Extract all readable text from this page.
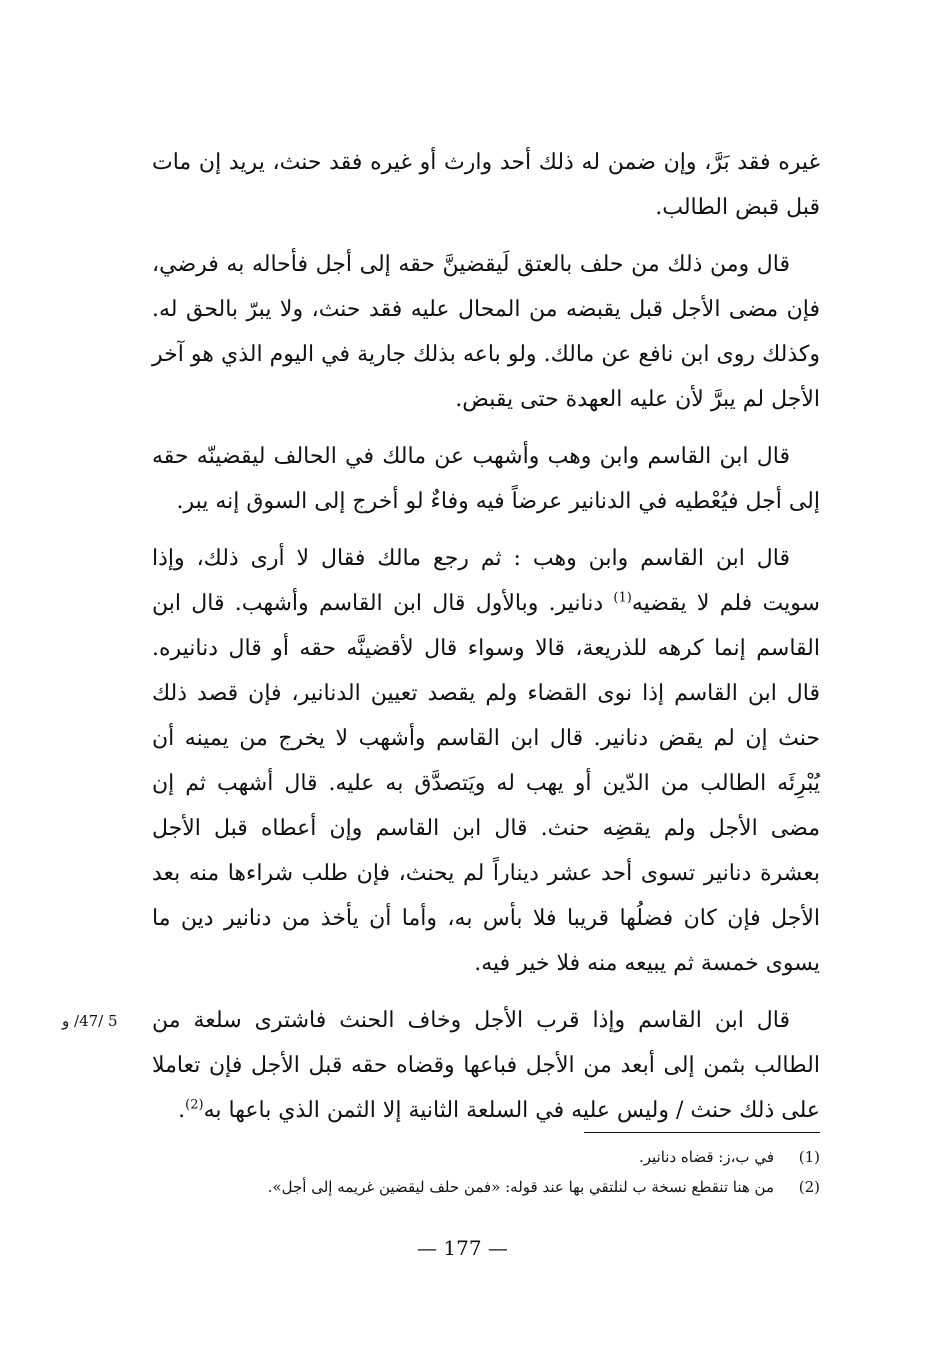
غيره فقد بَرَّ، وإن ضمن له ذلك أحد وارث أو غيره فقد حنث، يريد إن مات قبل قبض الطالب.

قال ومن ذلك من حلف بالعتق لَيقضينَّ حقه إلى أجل فأحاله به فرضي، فإن مضى الأجل قبل يقبضه من المحال عليه فقد حنث، ولا يبرّ بالحق له. وكذلك روى ابن نافع عن مالك. ولو باعه بذلك جارية في اليوم الذي هو آخر الأجل لم يبرَّ لأن عليه العهدة حتى يقبض.

قال ابن القاسم وابن وهب وأشهب عن مالك في الحالف ليقضينّه حقه إلى أجل فيُعْطيه في الدنانير عرضاً فيه وفاءٌ لو أخرج إلى السوق إنه يبر.

قال ابن القاسم وابن وهب : ثم رجع مالك فقال لا أرى ذلك، وإذا سويت فلم لا يقضيه$^{(1)}$ دنانير. وبالأول قال ابن القاسم وأشهب. قال ابن القاسم إنما كرهه للذريعة، قالا وسواء قال لأقضينَّه حقه أو قال دنانيره. قال ابن القاسم إذا نوى القضاء ولم يقصد تعيين الدنانير، فإن قصد ذلك حنث إن لم يقض دنانير. قال ابن القاسم وأشهب لا يخرج من يمينه أن يُبْرِئَه الطالب من الدّين أو يهب له ويَتصدَّق به عليه. قال أشهب ثم إن مضى الأجل ولم يقضِه حنث. قال ابن القاسم وإن أعطاه قبل الأجل بعشرة دنانير تسوى أحد عشر ديناراً لم يحنث، فإن طلب شراءها منه بعد الأجل فإن كان فضلُها قريبا فلا بأس به، وأما أن يأخذ من دنانير دين ما يسوى خمسة ثم يبيعه منه فلا خير فيه.

قال ابن القاسم وإذا قرب الأجل وخاف الحنث فاشترى سلعة من الطالب بثمن إلى أبعد من الأجل فباعها وقضاه حقه قبل الأجل فإن تعاملا على ذلك حنث / وليس عليه في السلعة الثانية إلا الثمن الذي باعها به$^{(2)}$.

5 /47/ و
(1)
في ب،ز: قضاه دنانير.
(2)
من هنا تنقطع نسخة ب لنلتقي بها عند قوله: «فمن حلف ليقضين غريمه إلى أجل».
— 177 —
